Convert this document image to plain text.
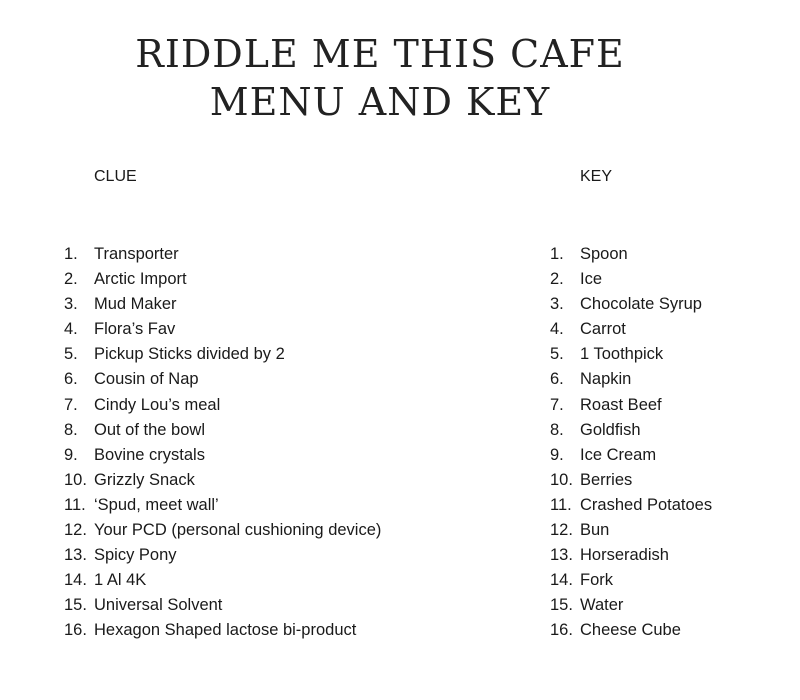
RIDDLE ME THIS CAFE
MENU AND KEY
CLUE	KEY
1. Transporter
2. Arctic Import
3. Mud Maker
4. Flora’s Fav
5. Pickup Sticks divided by 2
6. Cousin of Nap
7. Cindy Lou’s meal
8. Out of the bowl
9. Bovine crystals
10. Grizzly Snack
11. ‘Spud, meet wall’
12. Your PCD (personal cushioning device)
13. Spicy Pony
14. 1 Al 4K
15. Universal Solvent
16. Hexagon Shaped lactose bi-product
1. Spoon
2. Ice
3. Chocolate Syrup
4. Carrot
5. 1 Toothpick
6. Napkin
7. Roast Beef
8. Goldfish
9. Ice Cream
10. Berries
11. Crashed Potatoes
12. Bun
13. Horseradish
14. Fork
15. Water
16. Cheese Cube
